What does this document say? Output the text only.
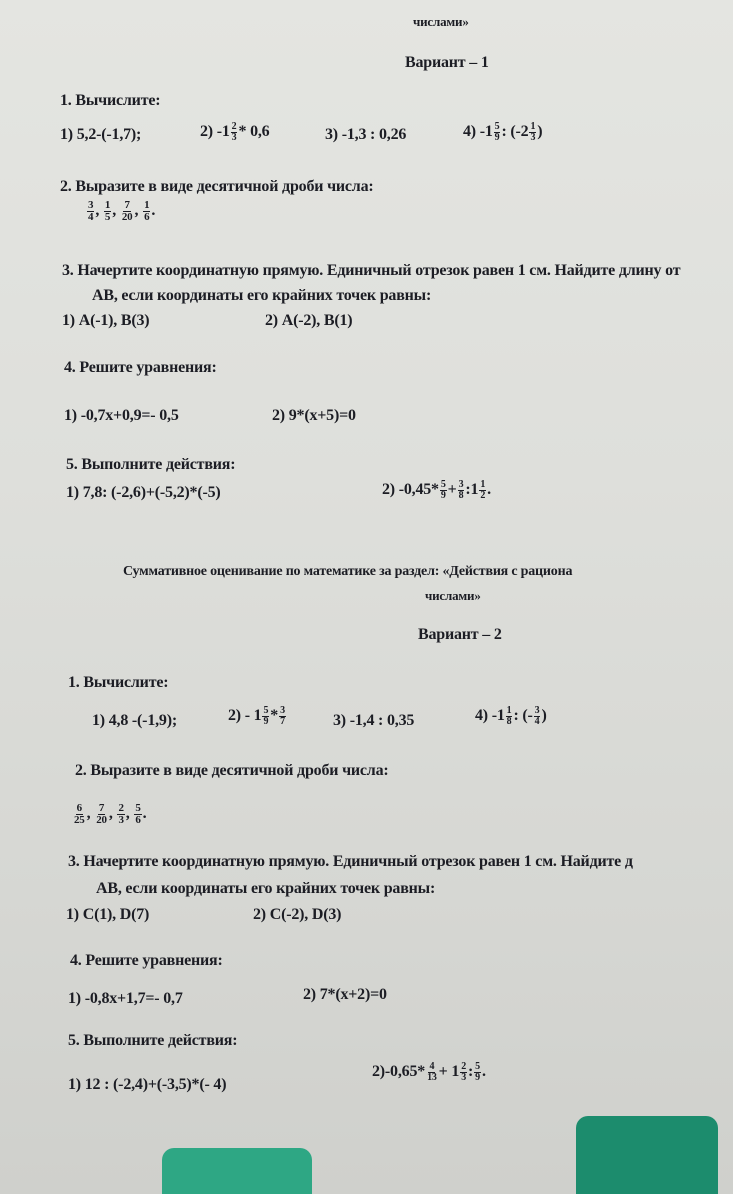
числами»
Вариант – 1
1. Вычислите:
1) 5,2-(-1,7);	2) $-1 \frac{2}{3} * 0,6$	3) -1,3 : 0,26	4) $-1 \frac{5}{9}$ : ($-2 \frac{1}{3}$ )
2. Выразите в виде десятичной дроби числа:
$\frac{3}{4}$ , $\frac{1}{5}$ , $\frac{7}{20}$ , $\frac{1}{6}$ .
3. Начертите координатную прямую. Единичный отрезок равен 1 см. Найдите длину от
АВ, если координаты его крайних точек равны:
1) А(-1), В(3)	2) А(-2), В(1)
4. Решите уравнения:
1) -0,7х+0,9=- 0,5	2) 9*(х+5)=0
5. Выполните действия:
1) 7,8: (-2,6)+(-5,2)*(-5)	2) $-0,45* \frac{5}{9} + \frac{3}{8}$ :1 $\frac{1}{2}$ .
Суммативное оценивание по математике за раздел: «Действия с рациона
числами»
Вариант – 2
1. Вычислите:
1) 4,8 -(-1,9);	$2) - 1 \frac{5}{9} * \frac{3}{7}$	3) -1,4 : 0,35	4) $-1 \frac{1}{8}$ : (- $\frac{3}{4}$ )
2. Выразите в виде десятичной дроби числа:
$\frac{6}{25}$ , $\frac{7}{20}$ , $\frac{2}{3}$ , $\frac{5}{6}$ .
3. Начертите координатную прямую. Единичный отрезок равен 1 см. Найдите д
АВ, если координаты его крайних точек равны:
1) С(1), D(7)	2) С(-2), D(3)
4. Решите уравнения:
1) -0,8х+1,7=- 0,7	2) 7*(х+2)=0
5. Выполните действия:
1) 12 : (-2,4)+(-3,5)*(- 4)
$2)-0,65* \frac{4}{13} + 1 \frac{2}{3}$ : $\frac{5}{9}$ .
